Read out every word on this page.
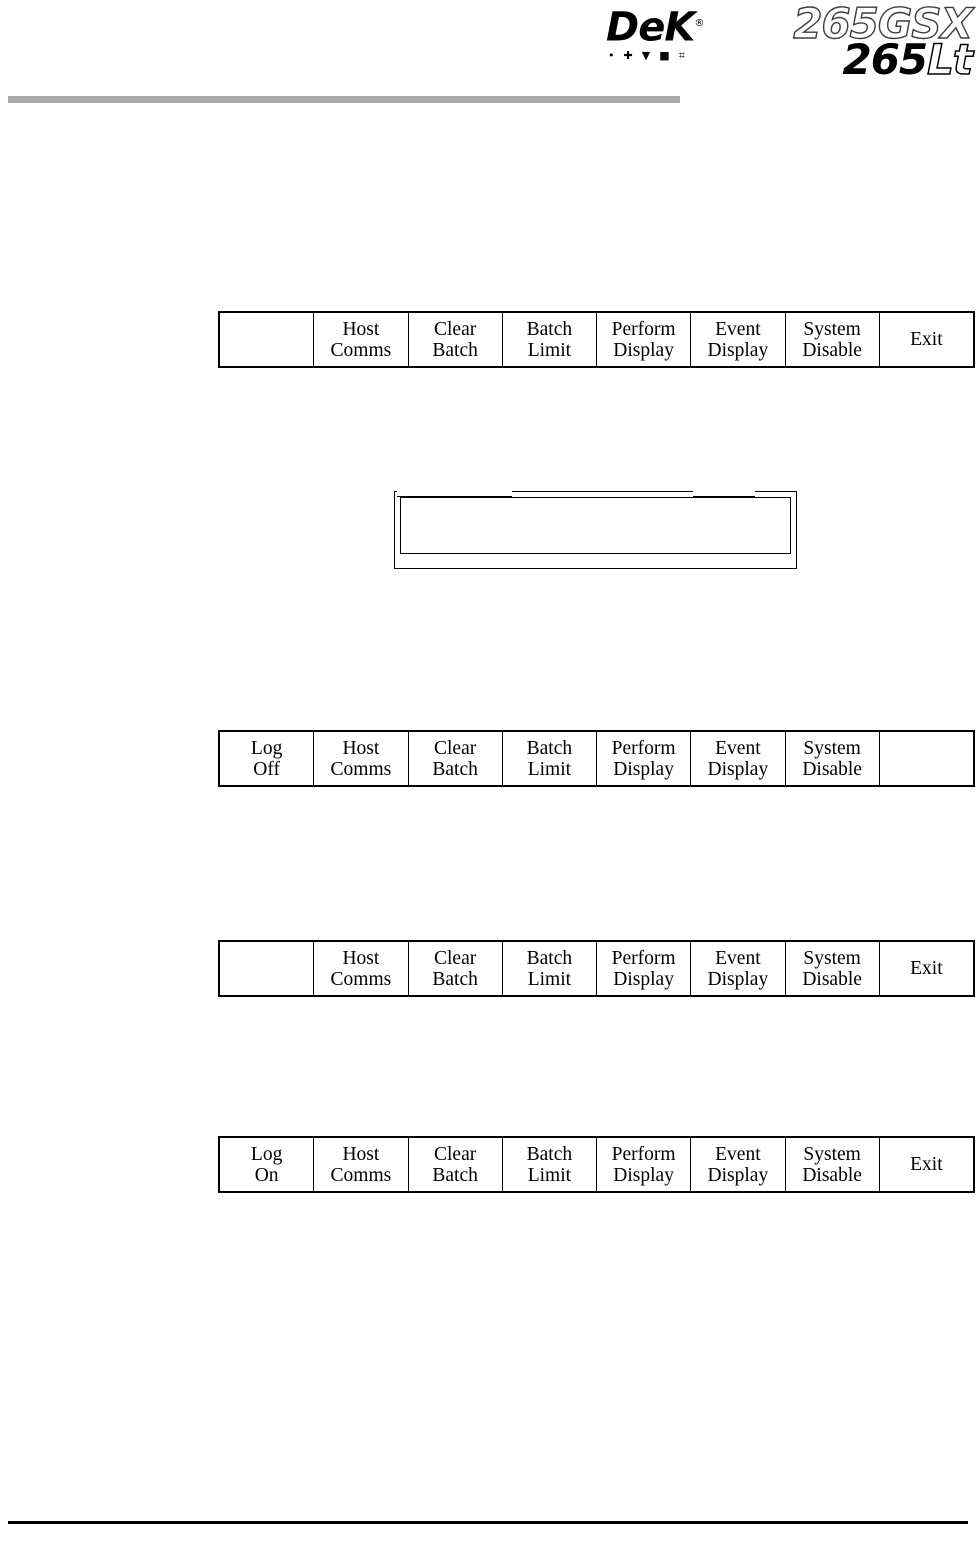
DeK®
• ✚ ▼ ■ ⌗
265GSX
265Lt
Host
Comms
Clear
Batch
Batch
Limit
Perform
Display
Event
Display
System
Disable Exit
Log
Off
Host
Comms
Clear
Batch
Batch
Limit
Perform
Display
Event
Display
System
Disable
Host
Comms
Clear
Batch
Batch
Limit
Perform
Display
Event
Display
System
Disable Exit
Log
On
Host
Comms
Clear
Batch
Batch
Limit
Perform
Display
Event
Display
System
Disable Exit
